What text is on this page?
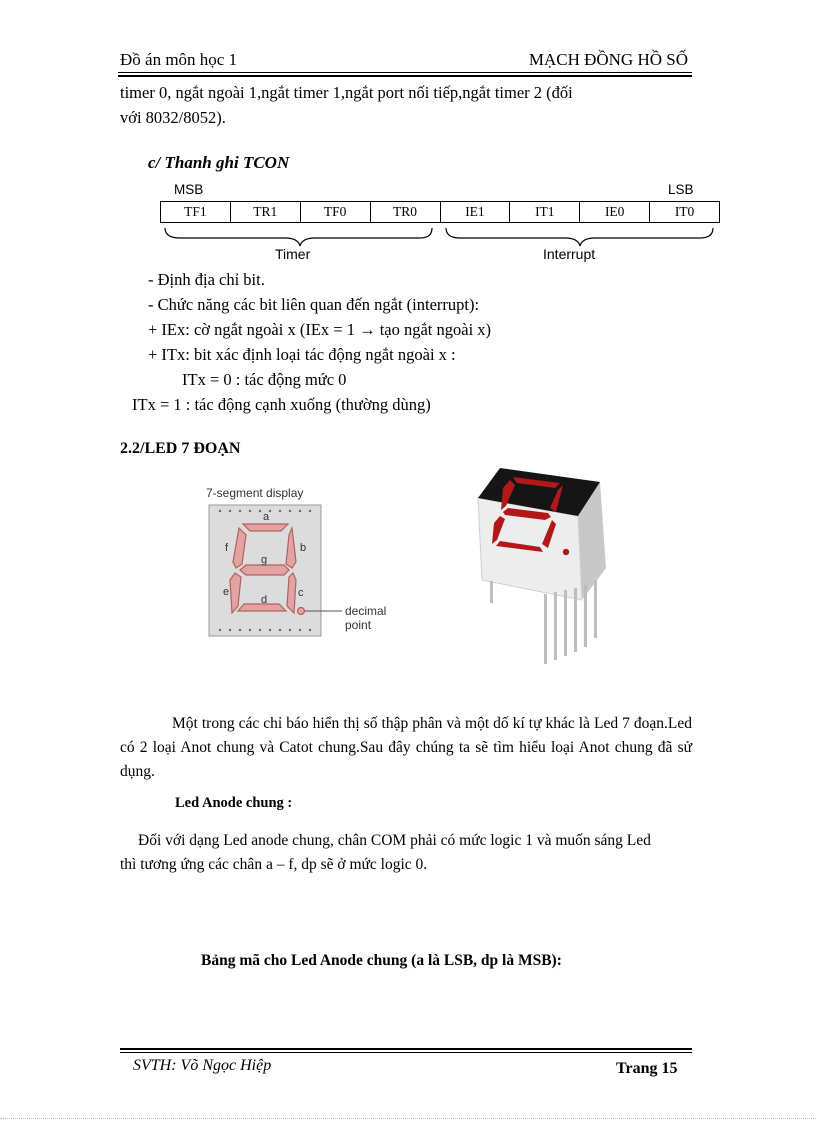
Đồ án môn học 1	MẠCH ĐỒNG HỒ SỐ
timer 0, ngắt ngoài 1,ngắt timer 1,ngắt port nối tiếp,ngắt timer 2 (đối
với 8032/8052).
c/ Thanh ghi TCON
MSB	LSB
TF1	TR1	TF0	TR0	IE1	IT1	IE0	IT0
Timer	Interrupt
- Định địa chỉ bit.
- Chức năng các bit liên quan đến ngắt (interrupt):
+ IEx: cờ ngắt ngoài x (IEx = 1 → tạo ngắt ngoài x)
+ ITx: bit xác định loại tác động ngắt ngoài x :
ITx = 0 : tác động mức 0
ITx = 1 : tác động cạnh xuống (thường dùng)
2.2/LED 7 ĐOẠN
7-segment display
a
b
c
d
e
f
g
decimal
point
Một trong các chỉ báo hiển thị số thập phân và một dố kí tự khác là Led 7 đoạn.Led có 2 loại Anot chung và Catot chung.Sau đây chúng ta sẽ tìm hiểu loại Anot chung đã sử dụng.
Led Anode chung :
Đối với dạng Led anode chung, chân COM phải có mức logic 1 và muốn sáng Led thì tương ứng các chân a – f, dp sẽ ở mức logic 0.
Bảng mã cho Led Anode chung (a là LSB, dp là MSB):
SVTH: Võ Ngọc Hiệp	Trang 15
